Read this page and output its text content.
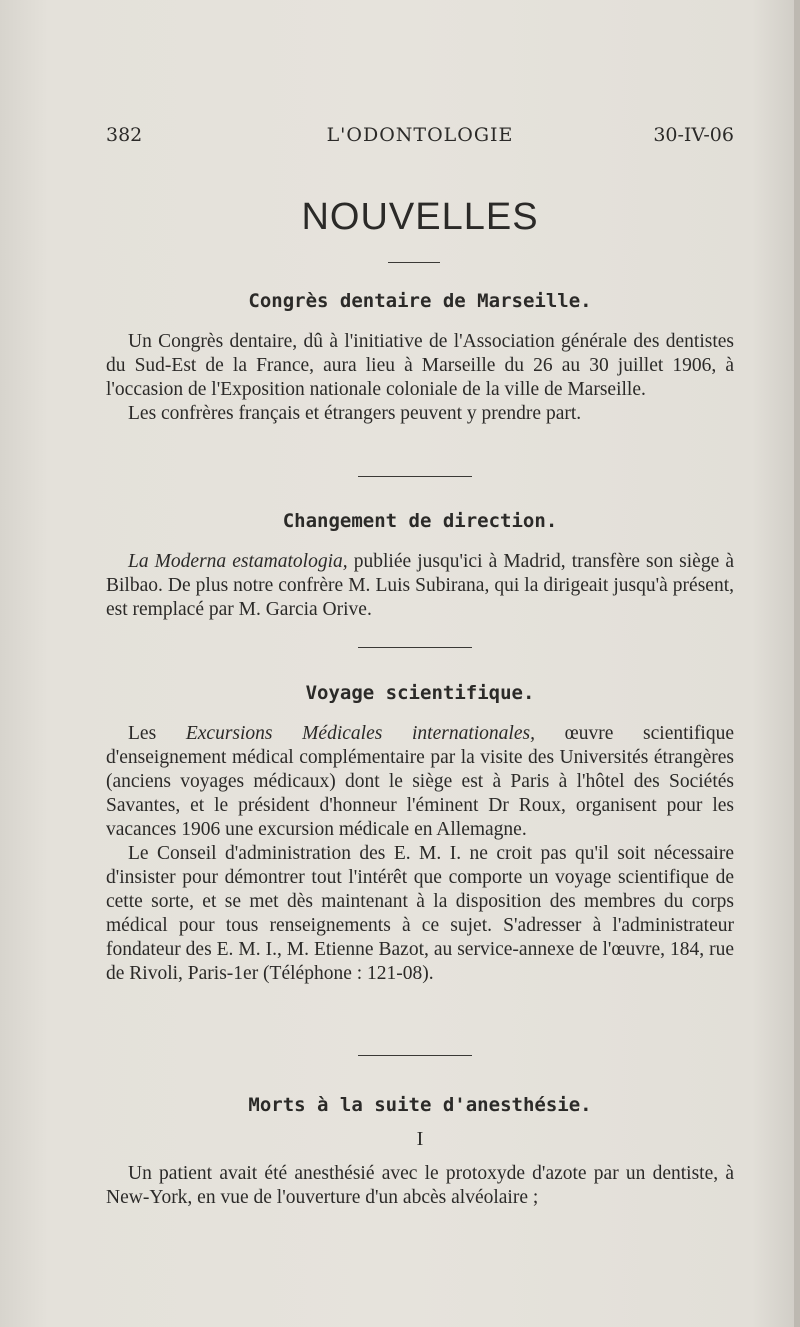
382	L'ODONTOLOGIE	30-IV-06
NOUVELLES
Congrès dentaire de Marseille.

Un Congrès dentaire, dû à l'initiative de l'Association générale des dentistes du Sud-Est de la France, aura lieu à Marseille du 26 au 30 juillet 1906, à l'occasion de l'Exposition nationale coloniale de la ville de Marseille.

Les confrères français et étrangers peuvent y prendre part.

Changement de direction.

La Moderna estamatologia, publiée jusqu'ici à Madrid, transfère son siège à Bilbao. De plus notre confrère M. Luis Subirana, qui la dirigeait jusqu'à présent, est remplacé par M. Garcia Orive.

Voyage scientifique.

Les Excursions Médicales internationales, œuvre scientifique d'enseignement médical complémentaire par la visite des Universités étrangères (anciens voyages médicaux) dont le siège est à Paris à l'hôtel des Sociétés Savantes, et le président d'honneur l'éminent Dr Roux, organisent pour les vacances 1906 une excursion médicale en Allemagne.

Le Conseil d'administration des E. M. I. ne croit pas qu'il soit nécessaire d'insister pour démontrer tout l'intérêt que comporte un voyage scientifique de cette sorte, et se met dès maintenant à la disposition des membres du corps médical pour tous renseignements à ce sujet. S'adresser à l'administrateur fondateur des E. M. I., M. Etienne Bazot, au service-annexe de l'œuvre, 184, rue de Rivoli, Paris-1er (Téléphone : 121-08).

Morts à la suite d'anesthésie.
I

Un patient avait été anesthésié avec le protoxyde d'azote par un dentiste, à New-York, en vue de l'ouverture d'un abcès alvéolaire ;
